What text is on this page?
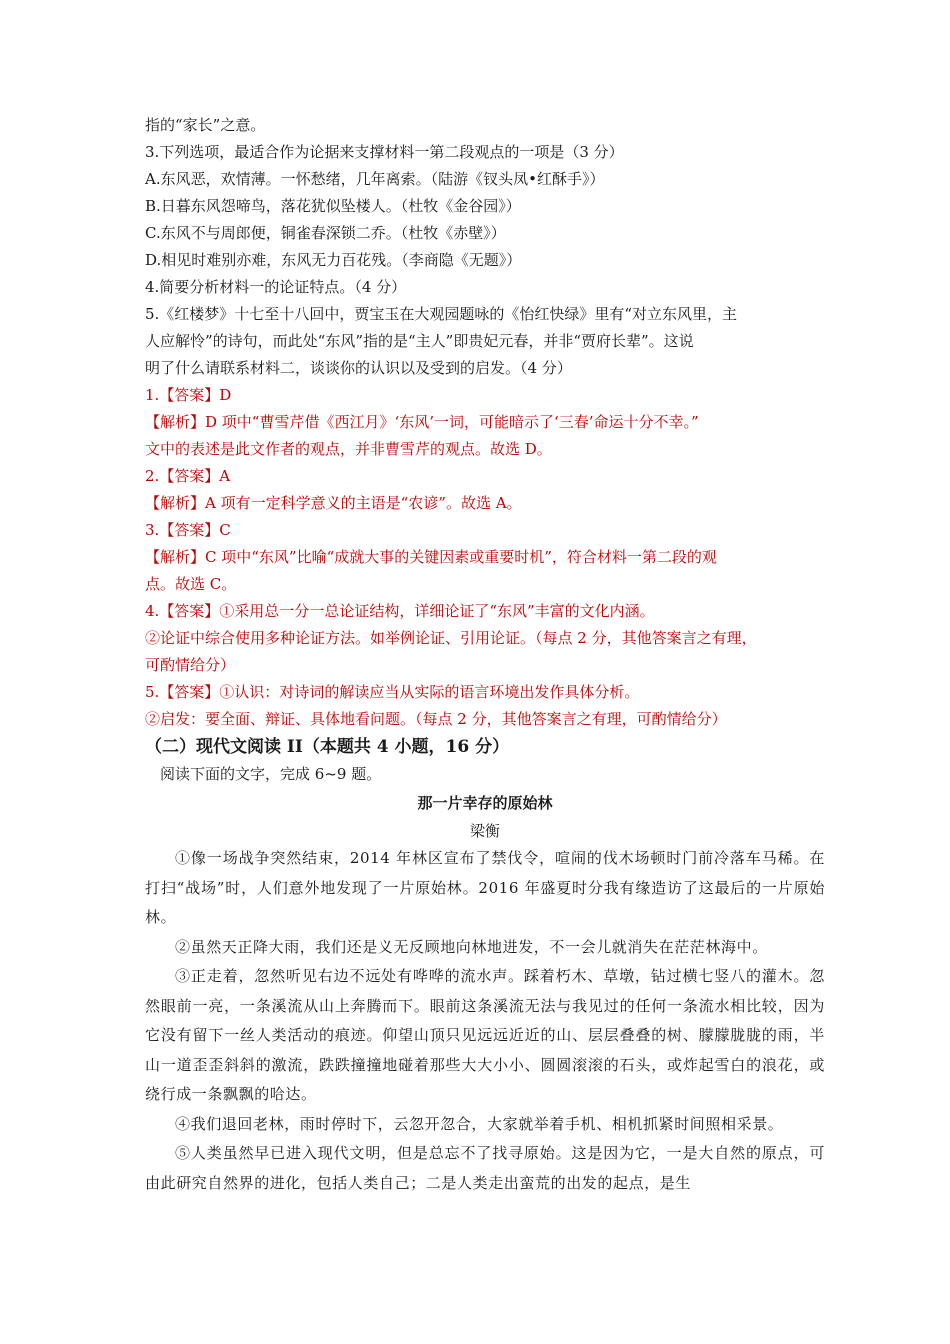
指的“家长”之意。

3.下列选项，最适合作为论据来支撑材料一第二段观点的一项是（3 分）

A.东风恶，欢情薄。一怀愁绪，几年离索。（陆游《钗头凤•红酥手》）

B.日暮东风怨啼鸟，落花犹似坠楼人。（杜牧《金谷园》）

C.东风不与周郎便，铜雀春深锁二乔。（杜牧《赤壁》）

D.相见时难别亦难，东风无力百花残。（李商隐《无题》）

4.简要分析材料一的论证特点。（4 分）

5.《红楼梦》十七至十八回中，贾宝玉在大观园题咏的《怡红快绿》里有“对立东风里，主

人应解怜”的诗句，而此处“东风”指的是“主人”即贵妃元春，并非“贾府长辈”。这说

明了什么请联系材料二，谈谈你的认识以及受到的启发。（4 分）

1.【答案】D

【解析】D 项中“曹雪芹借《西江月》‘东风’一词，可能暗示了‘三春’命运十分不幸。”

文中的表述是此文作者的观点，并非曹雪芹的观点。故选 D。

2.【答案】A

【解析】A 项有一定科学意义的主语是“农谚”。故选 A。

3.【答案】C

【解析】C 项中“东风”比喻“成就大事的关键因素或重要时机”，符合材料一第二段的观

点。故选 C。

4.【答案】①采用总一分一总论证结构，详细论证了“东风”丰富的文化内涵。

②论证中综合使用多种论证方法。如举例论证、引用论证。（每点 2 分，其他答案言之有理，

可酌情给分）

5.【答案】①认识：对诗词的解读应当从实际的语言环境出发作具体分析。

②启发：要全面、辩证、具体地看问题。（每点 2 分，其他答案言之有理，可酌情给分）

（二）现代文阅读 II（本题共 4 小题，16 分）

阅读下面的文字，完成 6~9 题。

那一片幸存的原始林
梁衡

①像一场战争突然结束，2014 年林区宣布了禁伐令，喧闹的伐木场顿时门前冷落车马稀。在打扫“战场”时，人们意外地发现了一片原始林。2016 年盛夏时分我有缘造访了这最后的一片原始林。

②虽然天正降大雨，我们还是义无反顾地向林地进发，不一会儿就消失在茫茫林海中。

③正走着，忽然听见右边不远处有哗哗的流水声。踩着朽木、草墩，钻过横七竖八的灌木。忽然眼前一亮，一条溪流从山上奔腾而下。眼前这条溪流无法与我见过的任何一条流水相比较，因为它没有留下一丝人类活动的痕迹。仰望山顶只见远远近近的山、层层叠叠的树、朦朦胧胧的雨，半山一道歪歪斜斜的激流，跌跌撞撞地碰着那些大大小小、圆圆滚滚的石头，或炸起雪白的浪花，或绕行成一条飘飘的哈达。

④我们退回老林，雨时停时下，云忽开忽合，大家就举着手机、相机抓紧时间照相采景。

⑤人类虽然早已进入现代文明，但是总忘不了找寻原始。这是因为它，一是大自然的原点，可由此研究自然界的进化，包括人类自己；二是人类走出蛮荒的出发的起点，是生
